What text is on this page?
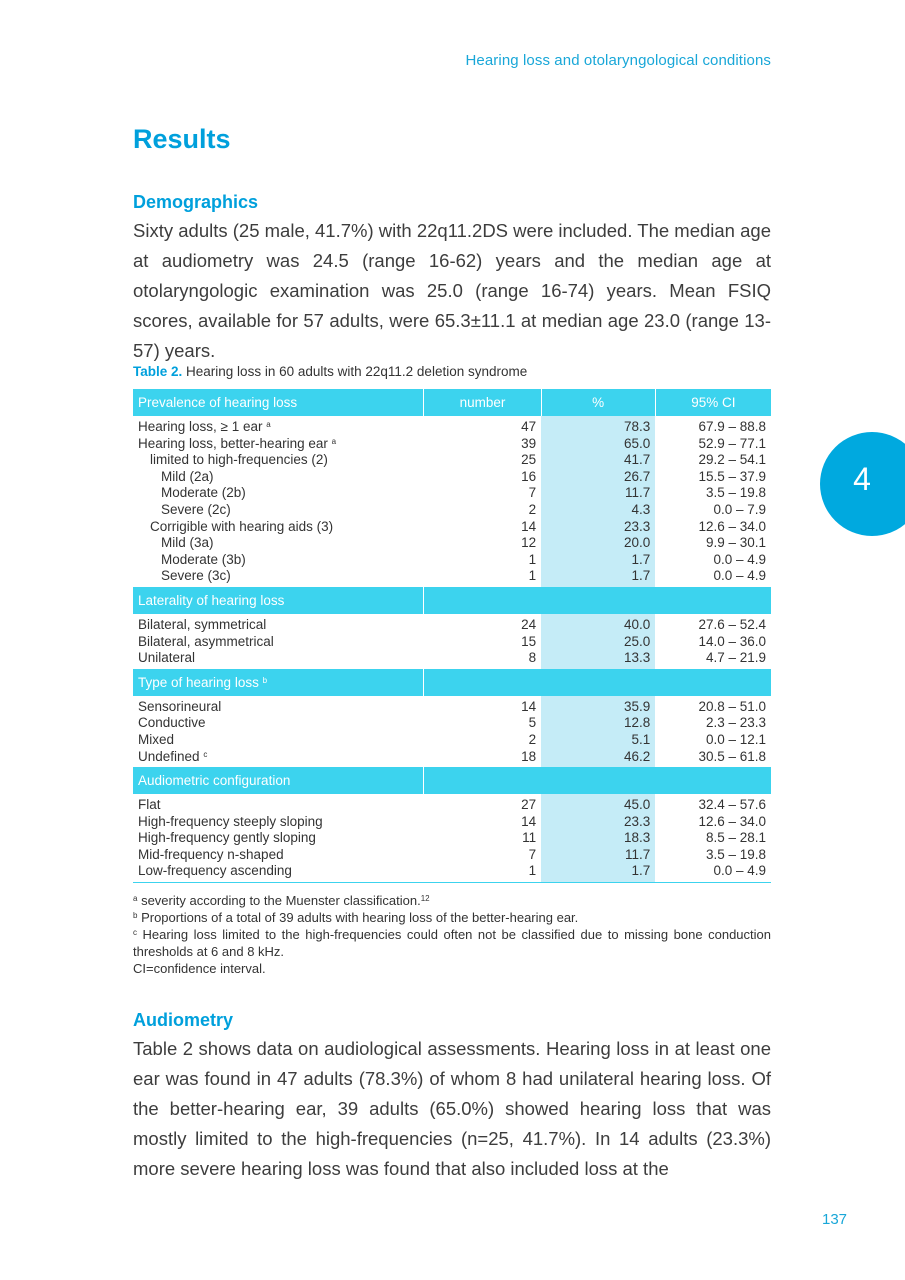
Hearing loss and otolaryngological conditions
4
Results
Demographics

Sixty adults (25 male, 41.7%) with 22q11.2DS were included. The median age at audiometry was 24.5 (range 16-62) years and the median age at otolaryngologic examination was 25.0 (range 16-74) years. Mean FSIQ scores, available for 57 adults, were 65.3±11.1 at median age 23.0 (range 13-57) years.

Table 2. Hearing loss in 60 adults with 22q11.2 deletion syndrome
Prevalence of hearing loss	number	%	95% CI
Hearing loss, ≥ 1 ear $^a$	47	78.3	67.9 – 88.8
Hearing loss, better-hearing ear $^a$	39	65.0	52.9 – 77.1
limited to high-frequencies (2)	25	41.7	29.2 – 54.1
Mild (2a)	16	26.7	15.5 – 37.9
Moderate (2b)	7	11.7	3.5 – 19.8
Severe (2c)	2	4.3	0.0 – 7.9
Corrigible with hearing aids (3)	14	23.3	12.6 – 34.0
Mild (3a)	12	20.0	9.9 – 30.1
Moderate (3b)	1	1.7	0.0 – 4.9
Severe (3c)	1	1.7	0.0 – 4.9
Laterality of hearing loss			
Bilateral, symmetrical	24	40.0	27.6 – 52.4
Bilateral, asymmetrical	15	25.0	14.0 – 36.0
Unilateral	8	13.3	4.7 – 21.9
Type of hearing loss $^b$	
Sensorineural	14	35.9	20.8 – 51.0
Conductive	5	12.8	2.3 – 23.3
Mixed	2	5.1	0.0 – 12.1
Undefined $^c$	18	46.2	30.5 – 61.8
Audiometric configuration			
Flat	27	45.0	32.4 – 57.6
High-frequency steeply sloping	14	23.3	12.6 – 34.0
High-frequency gently sloping	11	18.3	8.5 – 28.1
Mid-frequency n-shaped	7	11.7	3.5 – 19.8
Low-frequency ascending	1	1.7	0.0 – 4.9
$^a$ severity according to the Muenster classification.$^{12}$
$^b$ Proportions of a total of 39 adults with hearing loss of the better-hearing ear.
$^c$ Hearing loss limited to the high-frequencies could often not be classified due to missing bone conduction thresholds at 6 and 8 kHz.
CI=confidence interval.
Audiometry

Table 2 shows data on audiological assessments. Hearing loss in at least one ear was found in 47 adults (78.3%) of whom 8 had unilateral hearing loss. Of the better-hearing ear, 39 adults (65.0%) showed hearing loss that was mostly limited to the high-frequencies (n=25, 41.7%). In 14 adults (23.3%) more severe hearing loss was found that also included loss at the

137
